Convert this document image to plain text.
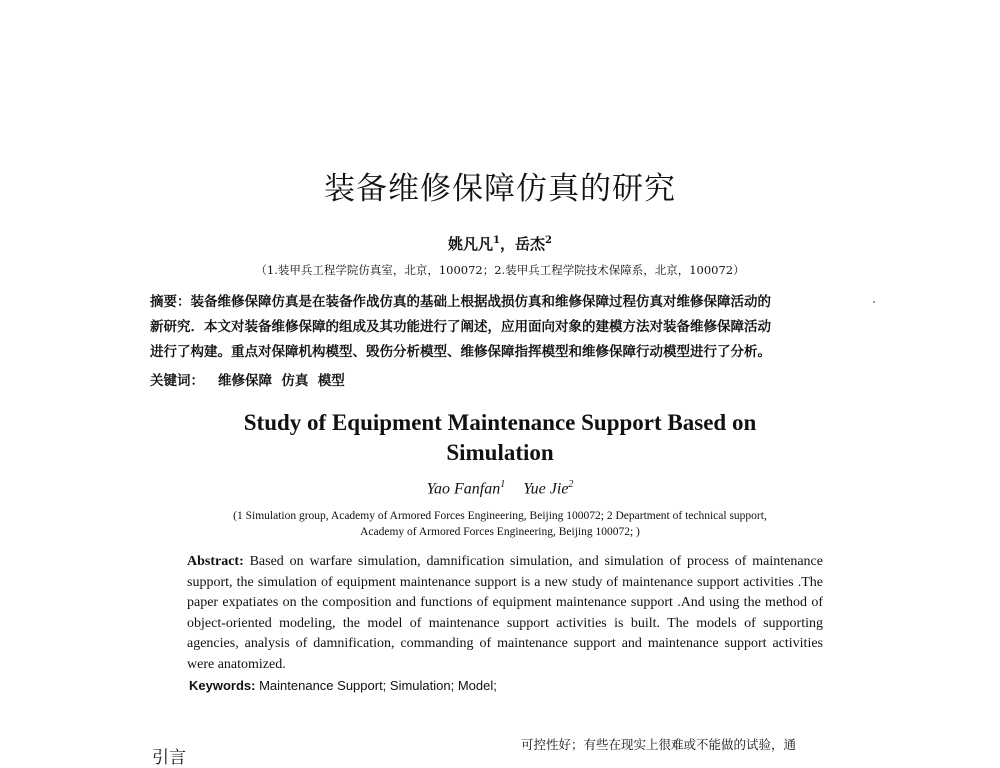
装备维修保障仿真的研究
姚凡凡$^1$，岳杰$^2$
（1.装甲兵工程学院仿真室，北京，100072；2.装甲兵工程学院技术保障系，北京，100072）
摘要：装备维修保障仿真是在装备作战仿真的基础上根据战损仿真和维修保障过程仿真对维修保障活动的
新研究．本文对装备维修保障的组成及其功能进行了阐述，应用面向对象的建模方法对装备维修保障活动
进行了构建。重点对保障机构模型、毁伤分析模型、维修保障指挥模型和维修保障行动模型进行了分析。
关键词： 维修保障  仿真  模型
Study of Equipment Maintenance Support Based on
Simulation
Yao Fanfan$^1$ Yue Jie$^2$
(1 Simulation group, Academy of Armored Forces Engineering, Beijing 100072; 2 Department of technical support,
Academy of Armored Forces Engineering, Beijing 100072; )
Abstract: Based on warfare simulation, damnification simulation, and simulation of process of maintenance support, the simulation of equipment maintenance support is a new study of maintenance support activities .The paper expatiates on the composition and functions of equipment maintenance support .And using the method of object-oriented modeling, the model of maintenance support activities is built. The models of supporting agencies, analysis of damnification, commanding of maintenance support and maintenance support activities were anatomized.
Keywords: Maintenance Support; Simulation; Model;
引言
可控性好；有些在现实上很难或不能做的试验，通
